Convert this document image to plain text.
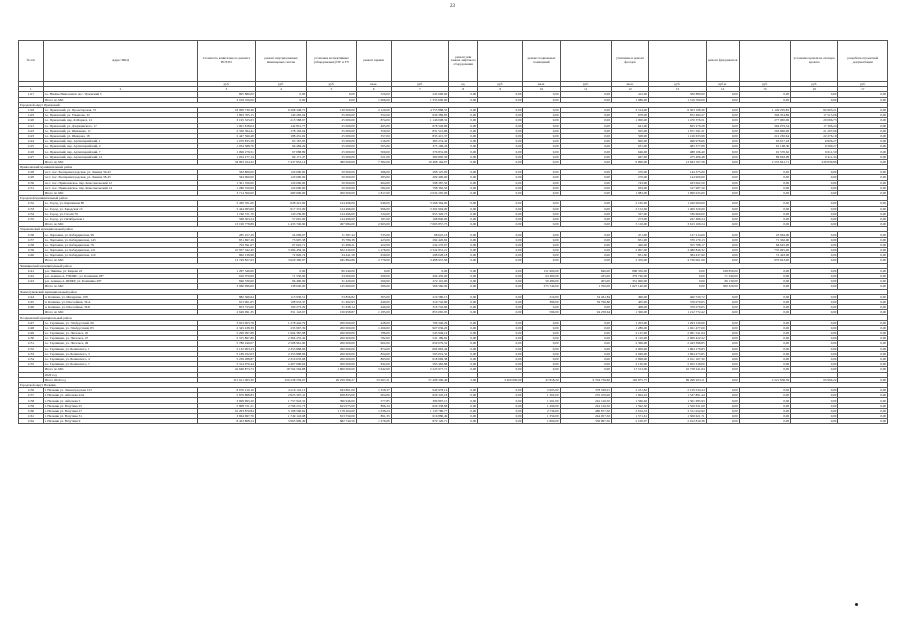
23
№ п/п	Адрес МКД	Стоимость капитального ремонта ВСЕГО	ремонт внутридомовых инженерных систем	установка коллективных (общедомовых) ПУ и УУ	ремонт крыши		ремонт или замена лифтового оборудования		ремонт подвальных помещений		утепление и ремонт фасадов		ремонт фундаментов		установка кровли на скатную кровлю	разработка проектной документации
		руб.	руб.	руб.	кв.м.	руб.	ед.	руб.	кв.м.	руб.	кв.м.	руб.	куб.м.	руб.	руб.	руб.
1	2	3	4	5	6	7	8	9	10	11	12	13	14	15	16	17
1117	г.о. Нижне-Николаевск пос. Ураевский 5	805 880,00	0,00	0,00	520,00	245 000,00	0,00	0,00	0,00	0,00	412,00	560 880,00	0,00	0,00	0,00	0,00
	Итого по МО	3 918 160,00	0,00	0,00	1 966,00	1 335 600,00	0,00	0,00	0,00	0,00	1 986,00	1 519 760,00	0,00	0,00	0,00	0,00
Городской округ Приокский																
1118	г.о. Приокский, ул. Пролетарская, 72	18 999 730,36	6 268 348,75	130 000,00	2 120,00	4 755 888,35	0,00	0,00	0,00	0,00	3 514,00	6 503 198,36	0,00	1 149 295,85	84 903,21	0,00
1119	г.о. Приокский, ул. Ульянова, 32	1 893 765,15	140 285,04	25 000,00	352,00	636 389,85	0,00	0,00	0,00	0,00	678,00	872 484,27	0,00	304 354,89	17 515,06	0,00
1120	г.о. Приокский, пер. К.Маркса, 12	3 195 325,63	215 588,67	25 000,00	874,00	1 146 008,32	0,00	0,00	0,00	0,00	1 000,00	1 470 376,51	0,00	277 000,00	29 096,73	0,00
1121	г.о. Приокский, ул. Дзержинского, 17	1 901 818,04	142 812,75	25 000,00	495,00	678 549,86	0,00	0,00	0,00	0,00	641,00	825 270,28	0,00	364 079,34	17 306,24	0,00
1122	г.о. Приокский, ул. Шевченко, 11	2 330 364,41	178 193,04	25 000,00	359,00	831 521,86	0,00	0,00	0,00	0,00	505,00	1 071 591,21	0,00	202 660,00	21 207,06	0,00
1123	г.о. Приокский, ул. Шевцова, 18	2 447 590,48	188 431,02	25 000,00	357,00	833 415,37	0,00	0,00	0,00	0,00	508,00	1 126 633,98	0,00	212 230,64	22 276,19	0,00
1124	г.о. Приокский, пер. Артиллерийский, 1	1 079 835,58	63 167,05	25 000,00	516,00	385 274,42	0,00	0,00	0,00	0,00	600,00	496 978,66	0,00	93 617,18	9 826,27	0,00
1125	г.о. Приокский, пер. Артиллерийский, 2	1 034 588,76	66 484,29	25 000,00	505,00	375 196,26	0,00	0,00	0,00	0,00	631,00	483 377,68	0,00	91 168,30	9 569,27	0,00
1126	г.о. Приокский, пер. Артиллерийский, 7	1 096 279,51	67 088,89	25 000,00	509,00	376 831,06	0,00	0,00	0,00	0,00	646,00	488 196,40	0,00	91 570,62	9 611,50	0,00
1127	г.о. Приокский, пер. Артиллерийский, 12	1 034 277,14	66 171,47	25 000,00	521,00	369 805,30	0,00	0,00	0,00	0,00	667,00	475 406,48	0,00	89 663,99	9 411,34	0,00
	Итого по МО	34 993 164,32	7 437 852,14	380 000,00	7 382,00	10 468 164,07	0,00	0,00	0,00	0,00	9 890,00	13 843 767,58	0,00	2 533 841,71	230 839,86	0,00
Приволжский муниципальный район																
1128	п.г.т. пос. Екатериноградская, ул. Ленина 36-43	563 800,00	120 000,00	50 000,00	286,00	268 125,00	0,00	0,00	0,00	0,00	270,00	144 375,00	0,00	0,00	0,00	0,00
1129	п.г.т. пос. Екатериноградская, ул. Ленина 38-45	564 000,00	120 000,00	50 000,00	283,00	269 400,00	0,00	0,00	0,00	0,00	276,00	144 900,00	0,00	0,00	0,00	0,00
1130	п.г.т. пос. Приволжское, пер. Комсомольский 12	1 301 350,00	120 000,00	50 000,00	664,00	598 387,50	0,00	0,00	0,00	0,00	743,00	433 062,50	0,00	0,00	0,00	0,00
1131	п.г.т. пос. Приволжское, пер. Комсомольский 14	1 286 350,00	120 000,00	50 000,00	582,00	798 362,50	0,00	0,00	0,00	0,00	633,00	317 987,50	0,00	0,00	0,00	0,00
	Итого по МО	3 714 500,00	480 000,00	200 000,00	1 817,00	2 034 295,00	0,00	0,00	0,00	0,00	1 982,00	1 090 025,00	0,00	0,00	0,00	0,00
Городской муниципальный район																
1132	г.о. Город, ул. Кирпичная 80	5 430 761,00	628 421,00	124 496,00	940,00	3 268 364,00	0,00	0,00	0,00	0,00	2 165,00	1 420 900,00	0,00	0,00	0,00	0,00
1133	г.о. Город, ул. Заводская 13	5 444 993,00	617 372,00	124 496,00	996,00	3 302 994,00	0,00	0,00	0,00	0,00	2 152,00	1 400 320,00	0,00	0,00	0,00	0,00
1134	г.о. Город, ул. Гоголя 79	1 746 721,70	130 236,00	124 496,00	524,00	955 329,75	0,00	0,00	0,00	0,00	527,00	536 660,00	0,00	0,00	0,00	0,00
1135	г.о. Город, ул. Октябрьская 1	568 303,24	57 691,00	124 496,00	187,00	168 840,00	0,00	0,00	0,00	0,00	273,00	247 486,24	0,00	0,00	0,00	0,00
	Итого по МО	13 190 778,89	1 433 740,60	497 984,00	2 663,00	7 693 857,75	0,00	0,00	0,00	0,00	5 119,00	3 613 166,54	0,00	0,00	0,00	0,00
Управленский муниципальный район																
1136	г.о. Чартыши, ул. Кабардинская, 99	285 257,29	24 099,67	11 387,44	535,00	98 625,16	0,00	0,00	0,00	0,00	471,00	127 214,09	0,00	23 964,00	0,00	0,00
1137	г.о. Чартыши, ул. Кабардинская, 143	851 697,29	73 997,38	35 786,38	423,00	294 426,82	0,00	0,00	0,00	0,00	831,00	379 179,13	0,00	71 362,00	0,00	0,00
1138	г.о. Чартыши, ул. Кабардинская, 76	793 391,07	67 022,71	31 698,21	422,00	234 270,67	0,00	0,00	0,00	0,00	426,00	355 788,17	0,00	66 645,00	0,00	0,00
1139	г.о. Чартыши, ул. Кабардинская, 121	10 957 342,30	3 384 459,36	832 430,00	1 278,00	2 524 831,21	0,00	0,00	0,00	0,00	2 907,00	3 480 849,32	0,00	735 095,00	0,00	0,00
1140	г.о. Чартыши, ул. Кабардинская, 119	862 139,98	72 826,74	34 441,58	659,00	298 028,18	0,00	0,00	0,00	0,00	831,00	384 437,90	0,00	72 443,00	0,00	0,00
	Итого по МО	13 749 827,93	3 620 300,87	945 884,88	2 779,00	3 488 957,96	0,00	0,00	0,00	0,00	5 476,00	4 726 061,99	0,00	970 623,00	0,00	0,00
Чишминский муниципальный район																
1141	р.п. Чишмы, ул. Кирова 22	1 297 540,00	0,00	80 240,00	0,00	0,00	0,00	0,00	151 900,00	840,00	896 350,00	0,00	168 850,00	0,00	0,00	0,00
1142	р.п. Алкино-2, УЧИЖС, ул. Калинина 287	916 070,00	71 550,00	34 000,00	290,00	294 450,00	0,00	0,00	64 360,00	435,00	379 740,00	0,00	71 340,00	0,00	0,00	0,00
1143	р.п. Алкино-2, ФИЖУ, ул. Калинина 287	846 530,00	66 490,00	31 420,00	290,00	272 110,00	0,00	0,00	59 480,00	405,00	351 000,00	0,00	66 130,00	0,00	0,00	0,00
	Итого по МО	3 060 090,00	138 040,00	145 660,00	580,00	566 560,00	0,00	0,00	275 740,00	1 700,00	1 627 140,00	0,00	306 320,00	0,00	0,00	0,00
Чекмагушевский муниципальный район																
1144	п. Калинка, ул. Мичурина, 108	882 366,64	113 936,51	53 856,82	305,00	219 580,15	0,00	0,00	219,00	34 461,84	496,00	460 530,72	0,00	0,00	0,00	0,00
1145	п. Калинка, ул. Шоссейная, 36 А	913 001,05	108 933,47	51 462,93	440,00	316 742,80	0,00	0,00	380,00	59 796,80	405,00	376 070,05	0,00	0,00	0,00	0,00
1146	п. Калинка, ул. Шоссейная, 36 Б	853 723,00	109 273,29	51 638,14	440,00	316 742,80	0,00	0,00	0,00	0,00	408,00	376 070,05	0,00	0,00	0,00	0,00
	Итого по МО	2 649 091,35	331 143,67	156 958,87	1 185,00	853 065,95	0,00	0,00	599,00	94 258,64	1 306,00	1 212 772,42	0,00	0,00	0,00	0,00
Полдневский муниципальный район																
1147	г.о. Тарпищев, ул. Эльбрусский, 99	3 023 903,78	1 278 442,79	200 000,00	428,00	796 340,29	0,00	0,00	0,00	0,00	1 203,00	1 293 130,99	0,00	0,00	0,00	0,00
1148	г.о. Тарпищев, ул. Эльбрусский, 83	2 345 438,39	235 967,39	200 000,00	1 260,00	907 036,20	0,00	0,00	0,00	0,00	1 280,00	1 021 477,00	0,00	0,00	0,00	0,00
1149	г.о. Тарпищев, ул. Энгельса, 45	5 290 097,88	1 904 387,08	200 000,00	786,00	543 949,16	0,00	0,00	0,00	0,00	2 125,00	2 061 541,94	0,00	0,00	0,00	0,00
1150	г.о. Тарпищев, ул. Энгельса, 47	5 315 867,86	2 364 255,42	200 000,00	782,00	541 189,92	0,00	0,00	0,00	0,00	2 110,00	2 000 422,52	0,00	0,00	0,00	0,00
1151	г.о. Тарпищев, ул. Энгельса, 49	5 786 240,07	2 508 961,90	200 000,00	902,00	659 079,52	0,00	0,00	0,00	0,00	2 369,00	2 443 398,85	0,00	0,00	0,00	0,00
1152	г.о. Тарпищев, ул. Белинского, 1	5 132 003,23	2 353 868,96	200 000,00	874,00	604 863,44	0,00	0,00	0,00	0,00	2 009,00	1 964 179,83	0,00	0,00	0,00	0,00
1153	г.о. Тарпищев, ул. Белинского, 3	5 189 162,03	2 353 868,96	200 000,00	824,00	593 019,32	0,00	0,00	0,00	0,00	2 049,00	1 964 273,85	0,00	0,00	0,00	0,00
1154	г.о. Тарпищев, ул. Белинского, 4	5 239 288,87	2 310 633,98	200 000,00	893,00	618 069,38	0,00	0,00	0,00	0,00	2 098,00	2 011 167,30	0,00	0,00	0,00	0,00
1155	г.о. Тарпищев, ул. Белинского, 7	5 314 970,44	2 407 000,64	200 000,00	842,00	595 482,88	0,00	0,00	0,00	0,00	2 130,00	2 052 318,00	0,00	0,00	0,00	0,00
	Итого по МО	42 648 873,73	18 764 594,88	1 800 000,00	5 642,00	5 225 977,71	0,00	0,00	0,00	0,00	17 513,00	16 758 241,84	0,00	0,00	0,00	0,00
	2029 год															
	Итого 2029 год	315 611 093,30	326 238 559,67	26 259 366,27	55 067,21	57 408 306,46	2,00	3 400 000,00	47 818,20	9 704 756,60	104 875,75	99 290 923,11	0,00	2 221 836,39	93 904,22	0,00
Городской округ Нальчик																
1156	г. Нальчик ул. Ленинградская 123	8 676 210,16	4 216 122,12	943 861,00	1 358,37	940 978,14	0,00	0,00	2 005,00	378 338,25	2 231,82	2 159 534,24	0,00	0,00	0,00	0,00
1157	г. Нальчик ул. Айтечева 22А	5 879 868,83	2 823 397,41	628 853,00	904,06	626 345,18	0,00	0,00	1 362,00	255 476,00	1 604,10	1 537 891,44	0,00	0,00	0,00	0,00
1158	г. Нальчик ул. Айтечева 5	3 699 995,20	1 757 943,32	396 946,00	577,85	399 897,15	0,00	0,00	1 291,00	242 126,50	1 566,46	1 501 685,93	0,00	0,00	0,00	0,00
1159	г. Нальчик ул. Ватутина 25	5 808 721,51	2 796 231,73	623 075,00	896,34	620 338,68	0,00	0,00	1 290,00	242 126,50	1 592,50	1 526 631,60	0,00	0,00	0,00	0,00
1160	г. Нальчик ул. Ватутина 27	10 293 870,84	5 108 506,62	1 178 204,00	1 638,24	1 133 780,77	0,00	0,00	2 730,00	480 877,50	2 619,33	2 511 022,92	0,00	0,00	0,00	0,00
1161	г. Нальчик ул. Ватутина 31	3 694 697,76	1 749 143,08	813 550,00	891,35	616 880,49	0,00	0,00	1 350,00	244 057,50	1 571,61	1 506 621,71	0,00	0,00	0,00	0,00
1162	г. Нальчик ул. Ватутина 9	8 423 808,54	3 963 909,49	882 744,50	1 276,66	879 120,71	0,00	0,00	1 800,00	336 997,50	2 100,07	2 012 810,36	0,00	0,00	0,00	0,00
